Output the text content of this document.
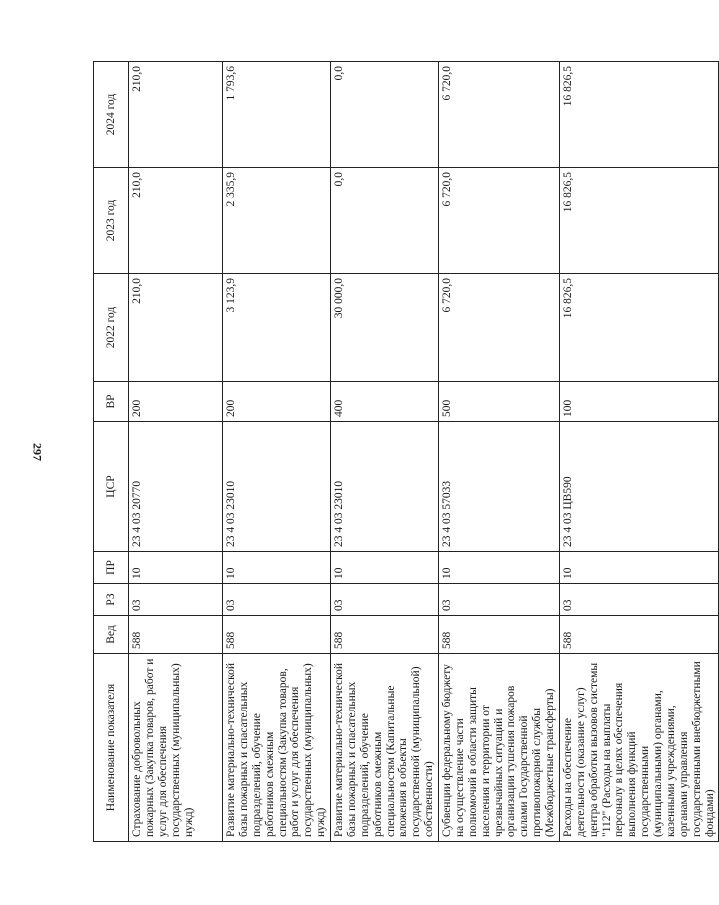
297
Наименование показателя	Вед	РЗ	ПР	ЦСР	ВР	2022 год	2023 год	2024 год
Страхование добровольных пожарных (Закупка товаров, работ и услуг для обеспечения государственных (муниципальных) нужд)	588	03	10	23 4 03 20770	200	210,0	210,0	210,0
Развитие материально-технической базы пожарных и спасательных подразделений, обучение работников смежным специальностям (Закупка товаров, работ и услуг для обеспечения государственных (муниципальных) нужд)	588	03	10	23 4 03 23010	200	3 123,9	2 335,9	1 793,6
Развитие материально-технической базы пожарных и спасательных подразделений, обучение работников смежным специальностям (Капитальные вложения в объекты государственной (муниципальной) собственности)	588	03	10	23 4 03 23010	400	30 000,0	0,0	0,0
Субвенции федеральному бюджету на осуществление части полномочий в области защиты населения и территории от чрезвычайных ситуаций и организации тушения пожаров силами Государственной противопожарной службы (Межбюджетные трансферты)	588	03	10	23 4 03 57033	500	6 720,0	6 720,0	6 720,0
Расходы на обеспечение деятельности (оказание услуг) центра обработки вызовов системы "112" (Расходы на выплаты персоналу в целях обеспечения выполнения функций государственными (муниципальными) органами, казенными учреждениями, органами управления государственными внебюджетными фондами)	588	03	10	23 4 03 ЦВ590	100	16 826,5	16 826,5	16 826,5
